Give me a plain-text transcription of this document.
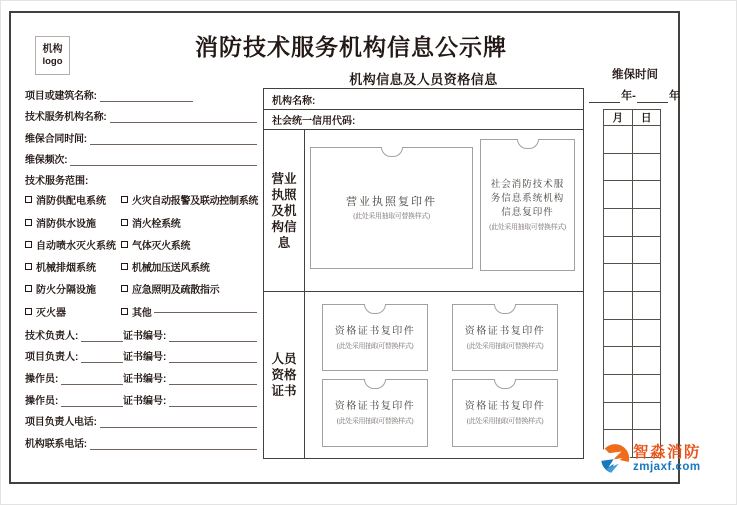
机构
logo
消防技术服务机构信息公示牌
项目或建筑名称:
技术服务机构名称:
维保合同时间:
维保频次:
技术服务范围:
消防供配电系统	火灾自动报警及联动控制系统
消防供水设施	消火栓系统
自动喷水灭火系统 气体灭火系统
机械排烟系统	机械加压送风系统
防火分隔设施	应急照明及疏散指示
灭火器	其他
技术负责人:	证书编号:
项目负责人:	证书编号:
操作员:	证书编号:
操作员:	证书编号:
项目负责人电话:
机构联系电话:
机构信息及人员资格信息
机构名称:
社会统一信用代码:
营业执照及机构信息
营业执照复印件
(此处采用抽取可替换样式)
社会消防技术服务信息系统机构信息复印件
(此处采用抽取可替换样式)
人员资格证书
资格证书复印件
(此处采用抽取可替换样式)
资格证书复印件
(此处采用抽取可替换样式)
资格证书复印件
(此处采用抽取可替换样式)
资格证书复印件
(此处采用抽取可替换样式)
维保时间
年-	年
月	日

智淼消防
zmjaxf.com
